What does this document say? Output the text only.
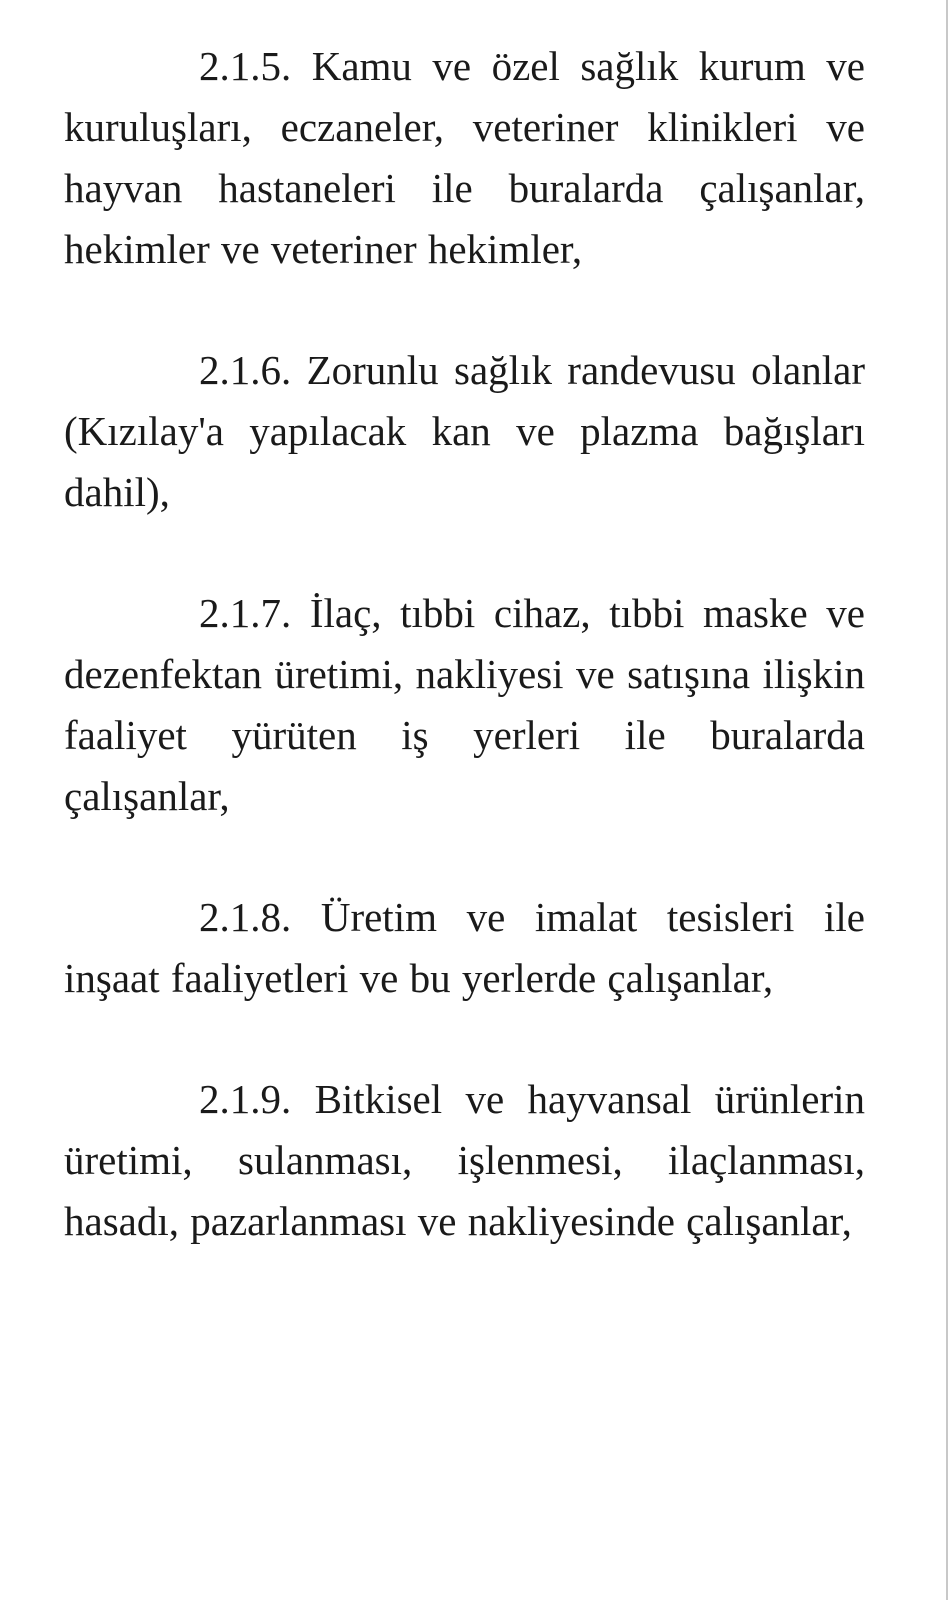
2.1.5. Kamu ve özel sağlık kurum ve kuruluşları, eczaneler, veteriner klinikleri ve hayvan hastaneleri ile buralarda çalışanlar, hekimler ve veteriner hekimler,

2.1.6. Zorunlu sağlık randevusu olanlar (Kızılay'a yapılacak kan ve plazma bağışları dahil),

2.1.7. İlaç, tıbbi cihaz, tıbbi maske ve dezenfektan üretimi, nakliyesi ve satışına ilişkin faaliyet yürüten iş yerleri ile buralarda çalışanlar,

2.1.8. Üretim ve imalat tesisleri ile inşaat faaliyetleri ve bu yerlerde çalışanlar,

2.1.9. Bitkisel ve hayvansal ürünlerin üretimi, sulanması, işlenmesi, ilaçlanması, hasadı, pazarlanması ve nakliyesinde çalışanlar,
